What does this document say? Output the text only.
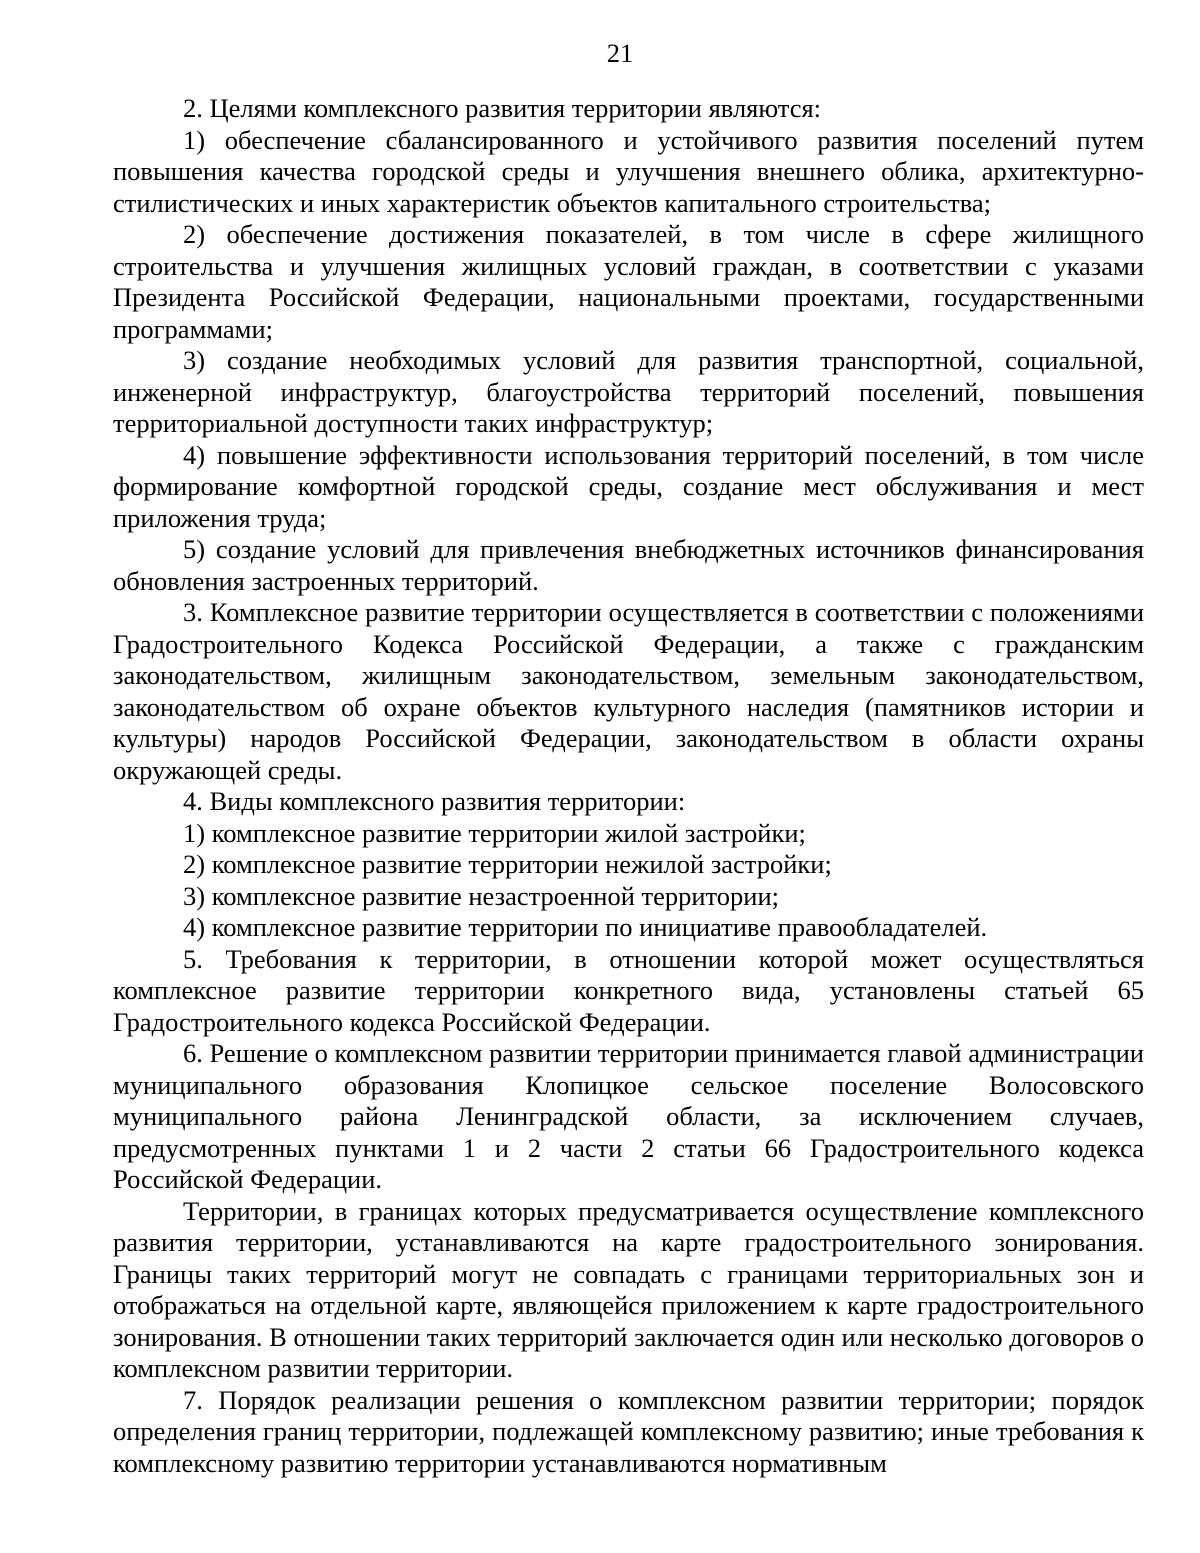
21

2. Целями комплексного развития территории являются:

1) обеспечение сбалансированного и устойчивого развития поселений путем повышения качества городской среды и улучшения внешнего облика, архитектурно-стилистических и иных характеристик объектов капитального строительства;

2) обеспечение достижения показателей, в том числе в сфере жилищного строительства и улучшения жилищных условий граждан, в соответствии с указами Президента Российской Федерации, национальными проектами, государственными программами;

3) создание необходимых условий для развития транспортной, социальной, инженерной инфраструктур, благоустройства территорий поселений, повышения территориальной доступности таких инфраструктур;

4) повышение эффективности использования территорий поселений, в том числе формирование комфортной городской среды, создание мест обслуживания и мест приложения труда;

5) создание условий для привлечения внебюджетных источников финансирования обновления застроенных территорий.

3. Комплексное развитие территории осуществляется в соответствии с положениями Градостроительного Кодекса Российской Федерации, а также с гражданским законодательством, жилищным законодательством, земельным законодательством, законодательством об охране объектов культурного наследия (памятников истории и культуры) народов Российской Федерации, законодательством в области охраны окружающей среды.

4. Виды комплексного развития территории:

1) комплексное развитие территории жилой застройки;

2) комплексное развитие территории нежилой застройки;

3) комплексное развитие незастроенной территории;

4) комплексное развитие территории по инициативе правообладателей.

5. Требования к территории, в отношении которой может осуществляться комплексное развитие территории конкретного вида, установлены статьей 65 Градостроительного кодекса Российской Федерации.

6. Решение о комплексном развитии территории принимается главой администрации муниципального образования Клопицкое сельское поселение Волосовского муниципального района Ленинградской области, за исключением случаев, предусмотренных пунктами 1 и 2 части 2 статьи 66 Градостроительного кодекса Российской Федерации.

Территории, в границах которых предусматривается осуществление комплексного развития территории, устанавливаются на карте градостроительного зонирования. Границы таких территорий могут не совпадать с границами территориальных зон и отображаться на отдельной карте, являющейся приложением к карте градостроительного зонирования. В отношении таких территорий заключается один или несколько договоров о комплексном развитии территории.

7. Порядок реализации решения о комплексном развитии территории; порядок определения границ территории, подлежащей комплексному развитию; иные требования к комплексному развитию территории устанавливаются нормативным
